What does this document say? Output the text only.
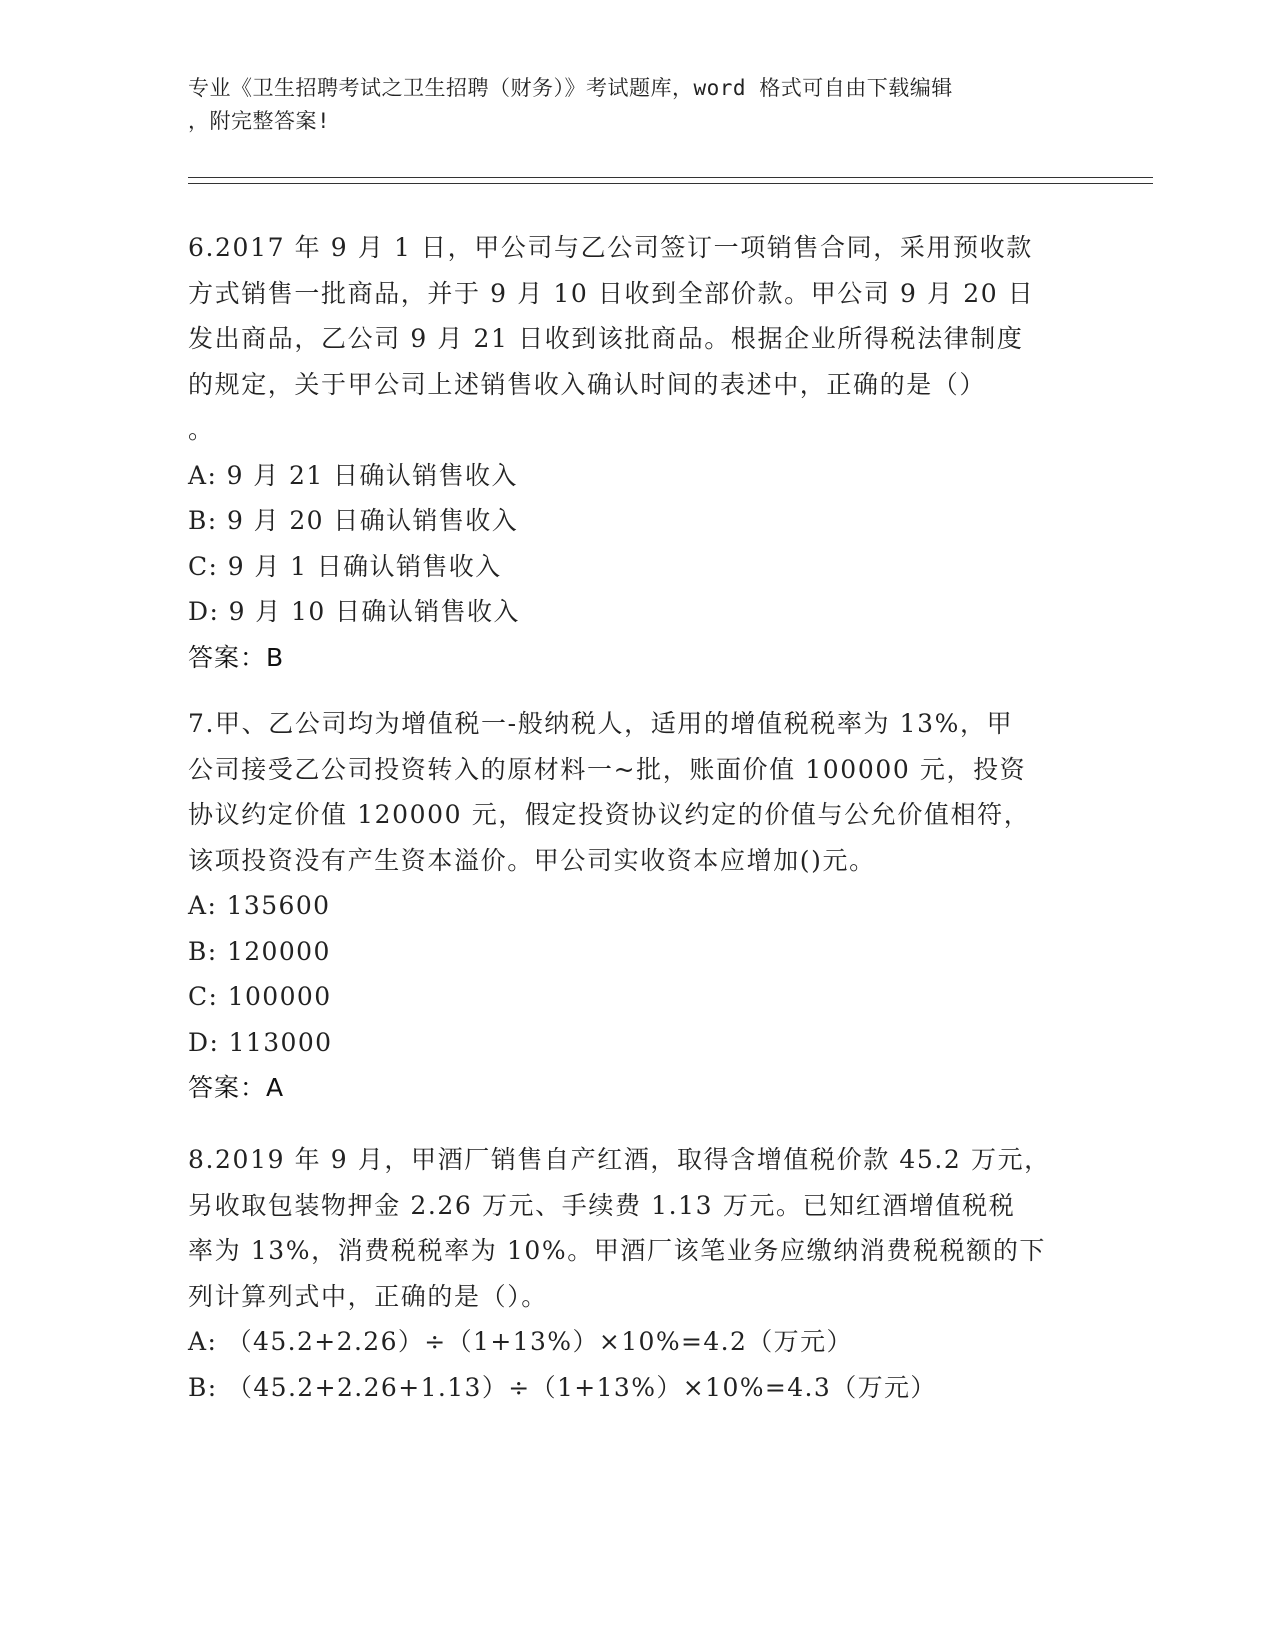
专业《卫生招聘考试之卫生招聘（财务）》考试题库，word 格式可自由下载编辑
，附完整答案!

6.2017 年 9 月 1 日，甲公司与乙公司签订一项销售合同，采用预收款
方式销售一批商品，并于 9 月 10 日收到全部价款。甲公司 9 月 20 日
发出商品，乙公司 9 月 21 日收到该批商品。根据企业所得税法律制度
的规定，关于甲公司上述销售收入确认时间的表述中，正确的是（）
。

A: 9 月 21 日确认销售收入
B: 9 月 20 日确认销售收入
C: 9 月 1 日确认销售收入
D: 9 月 10 日确认销售收入
答案：B

7.甲、乙公司均为增值税一-般纳税人，适用的增值税税率为 13%，甲
公司接受乙公司投资转入的原材料一~批，账面价值 100000 元，投资
协议约定价值 120000 元，假定投资协议约定的价值与公允价值相符，
该项投资没有产生资本溢价。甲公司实收资本应增加()元。

A: 135600
B: 120000
C: 100000
D: 113000
答案：A

8.2019 年 9 月，甲酒厂销售自产红酒，取得含增值税价款 45.2 万元，
另收取包装物押金 2.26 万元、手续费 1.13 万元。已知红酒增值税税
率为 13%，消费税税率为 10%。甲酒厂该笔业务应缴纳消费税税额的下
列计算列式中，正确的是（）。

A: （45.2+2.26）÷（1+13%）×10%=4.2（万元）
B: （45.2+2.26+1.13）÷（1+13%）×10%=4.3（万元）
